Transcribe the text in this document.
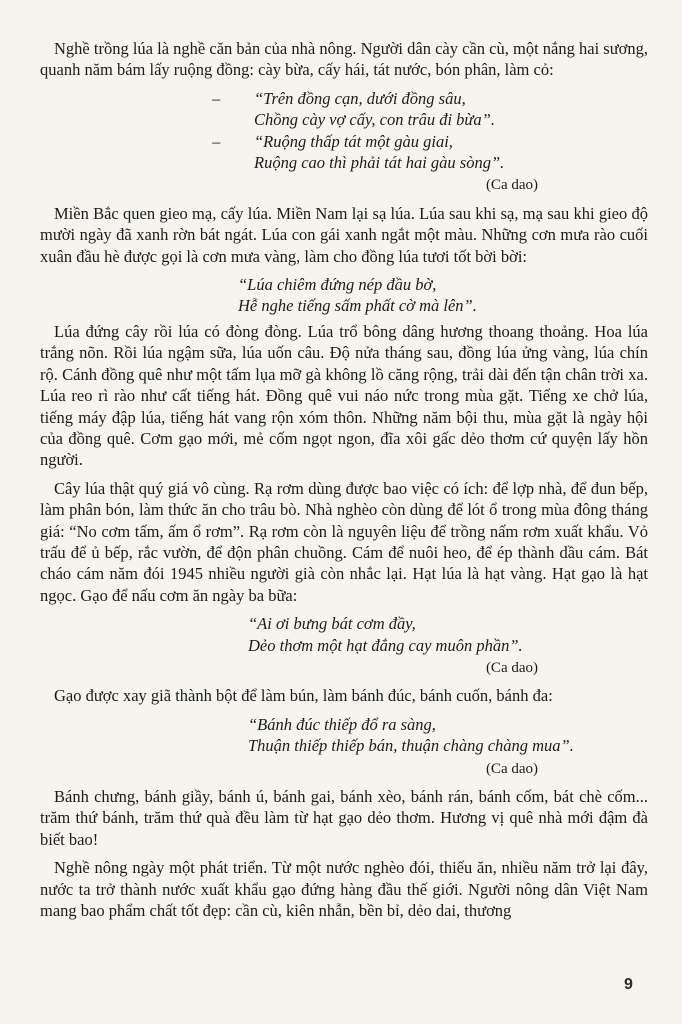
Nghề trồng lúa là nghề căn bản của nhà nông. Người dân cày cần cù, một nắng hai sương, quanh năm bám lấy ruộng đồng: cày bừa, cấy hái, tát nước, bón phân, làm cỏ:

– “Trên đồng cạn, dưới đồng sâu,
Chồng cày vợ cấy, con trâu đi bừa”.
– “Ruộng thấp tát một gàu giai,
Ruộng cao thì phải tát hai gàu sòng”.
(Ca dao)

Miền Bắc quen gieo mạ, cấy lúa. Miền Nam lại sạ lúa. Lúa sau khi sạ, mạ sau khi gieo độ mười ngày đã xanh rờn bát ngát. Lúa con gái xanh ngắt một màu. Những cơn mưa rào cuối xuân đầu hè được gọi là cơn mưa vàng, làm cho đồng lúa tươi tốt bời bời:

“Lúa chiêm đứng nép đầu bờ,
Hễ nghe tiếng sấm phất cờ mà lên”.

Lúa đứng cây rồi lúa có đòng đòng. Lúa trổ bông dâng hương thoang thoảng. Hoa lúa trắng nõn. Rồi lúa ngậm sữa, lúa uốn câu. Độ nửa tháng sau, đồng lúa ửng vàng, lúa chín rộ. Cánh đồng quê như một tấm lụa mỡ gà không lồ căng rộng, trải dài đến tận chân trời xa. Lúa reo rì rào như cất tiếng hát. Đồng quê vui náo nức trong mùa gặt. Tiếng xe chở lúa, tiếng máy đập lúa, tiếng hát vang rộn xóm thôn. Những năm bội thu, mùa gặt là ngày hội của đồng quê. Cơm gạo mới, mẻ cốm ngọt ngon, đĩa xôi gấc dẻo thơm cứ quyện lấy hồn người.

Cây lúa thật quý giá vô cùng. Rạ rơm dùng được bao việc có ích: để lợp nhà, để đun bếp, làm phân bón, làm thức ăn cho trâu bò. Nhà nghèo còn dùng để lót ổ trong mùa đông tháng giá: “No cơm tấm, ấm ổ rơm”. Rạ rơm còn là nguyên liệu để trồng nấm rơm xuất khẩu. Vỏ trấu để ủ bếp, rắc vườn, để độn phân chuồng. Cám để nuôi heo, để ép thành dầu cám. Bát cháo cám năm đói 1945 nhiều người già còn nhắc lại. Hạt lúa là hạt vàng. Hạt gạo là hạt ngọc. Gạo để nấu cơm ăn ngày ba bữa:

“Ai ơi bưng bát cơm đầy,
Dẻo thơm một hạt đắng cay muôn phần”.
(Ca dao)

Gạo được xay giã thành bột để làm bún, làm bánh đúc, bánh cuốn, bánh đa:

“Bánh đúc thiếp đổ ra sàng,
Thuận thiếp thiếp bán, thuận chàng chàng mua”.
(Ca dao)

Bánh chưng, bánh giầy, bánh ú, bánh gai, bánh xèo, bánh rán, bánh cốm, bát chè cốm... trăm thứ bánh, trăm thứ quà đều làm từ hạt gạo dẻo thơm. Hương vị quê nhà mới đậm đà biết bao!

Nghề nông ngày một phát triển. Từ một nước nghèo đói, thiếu ăn, nhiều năm trở lại đây, nước ta trở thành nước xuất khẩu gạo đứng hàng đầu thế giới. Người nông dân Việt Nam mang bao phẩm chất tốt đẹp: cần cù, kiên nhẫn, bền bỉ, dẻo dai, thương

9
